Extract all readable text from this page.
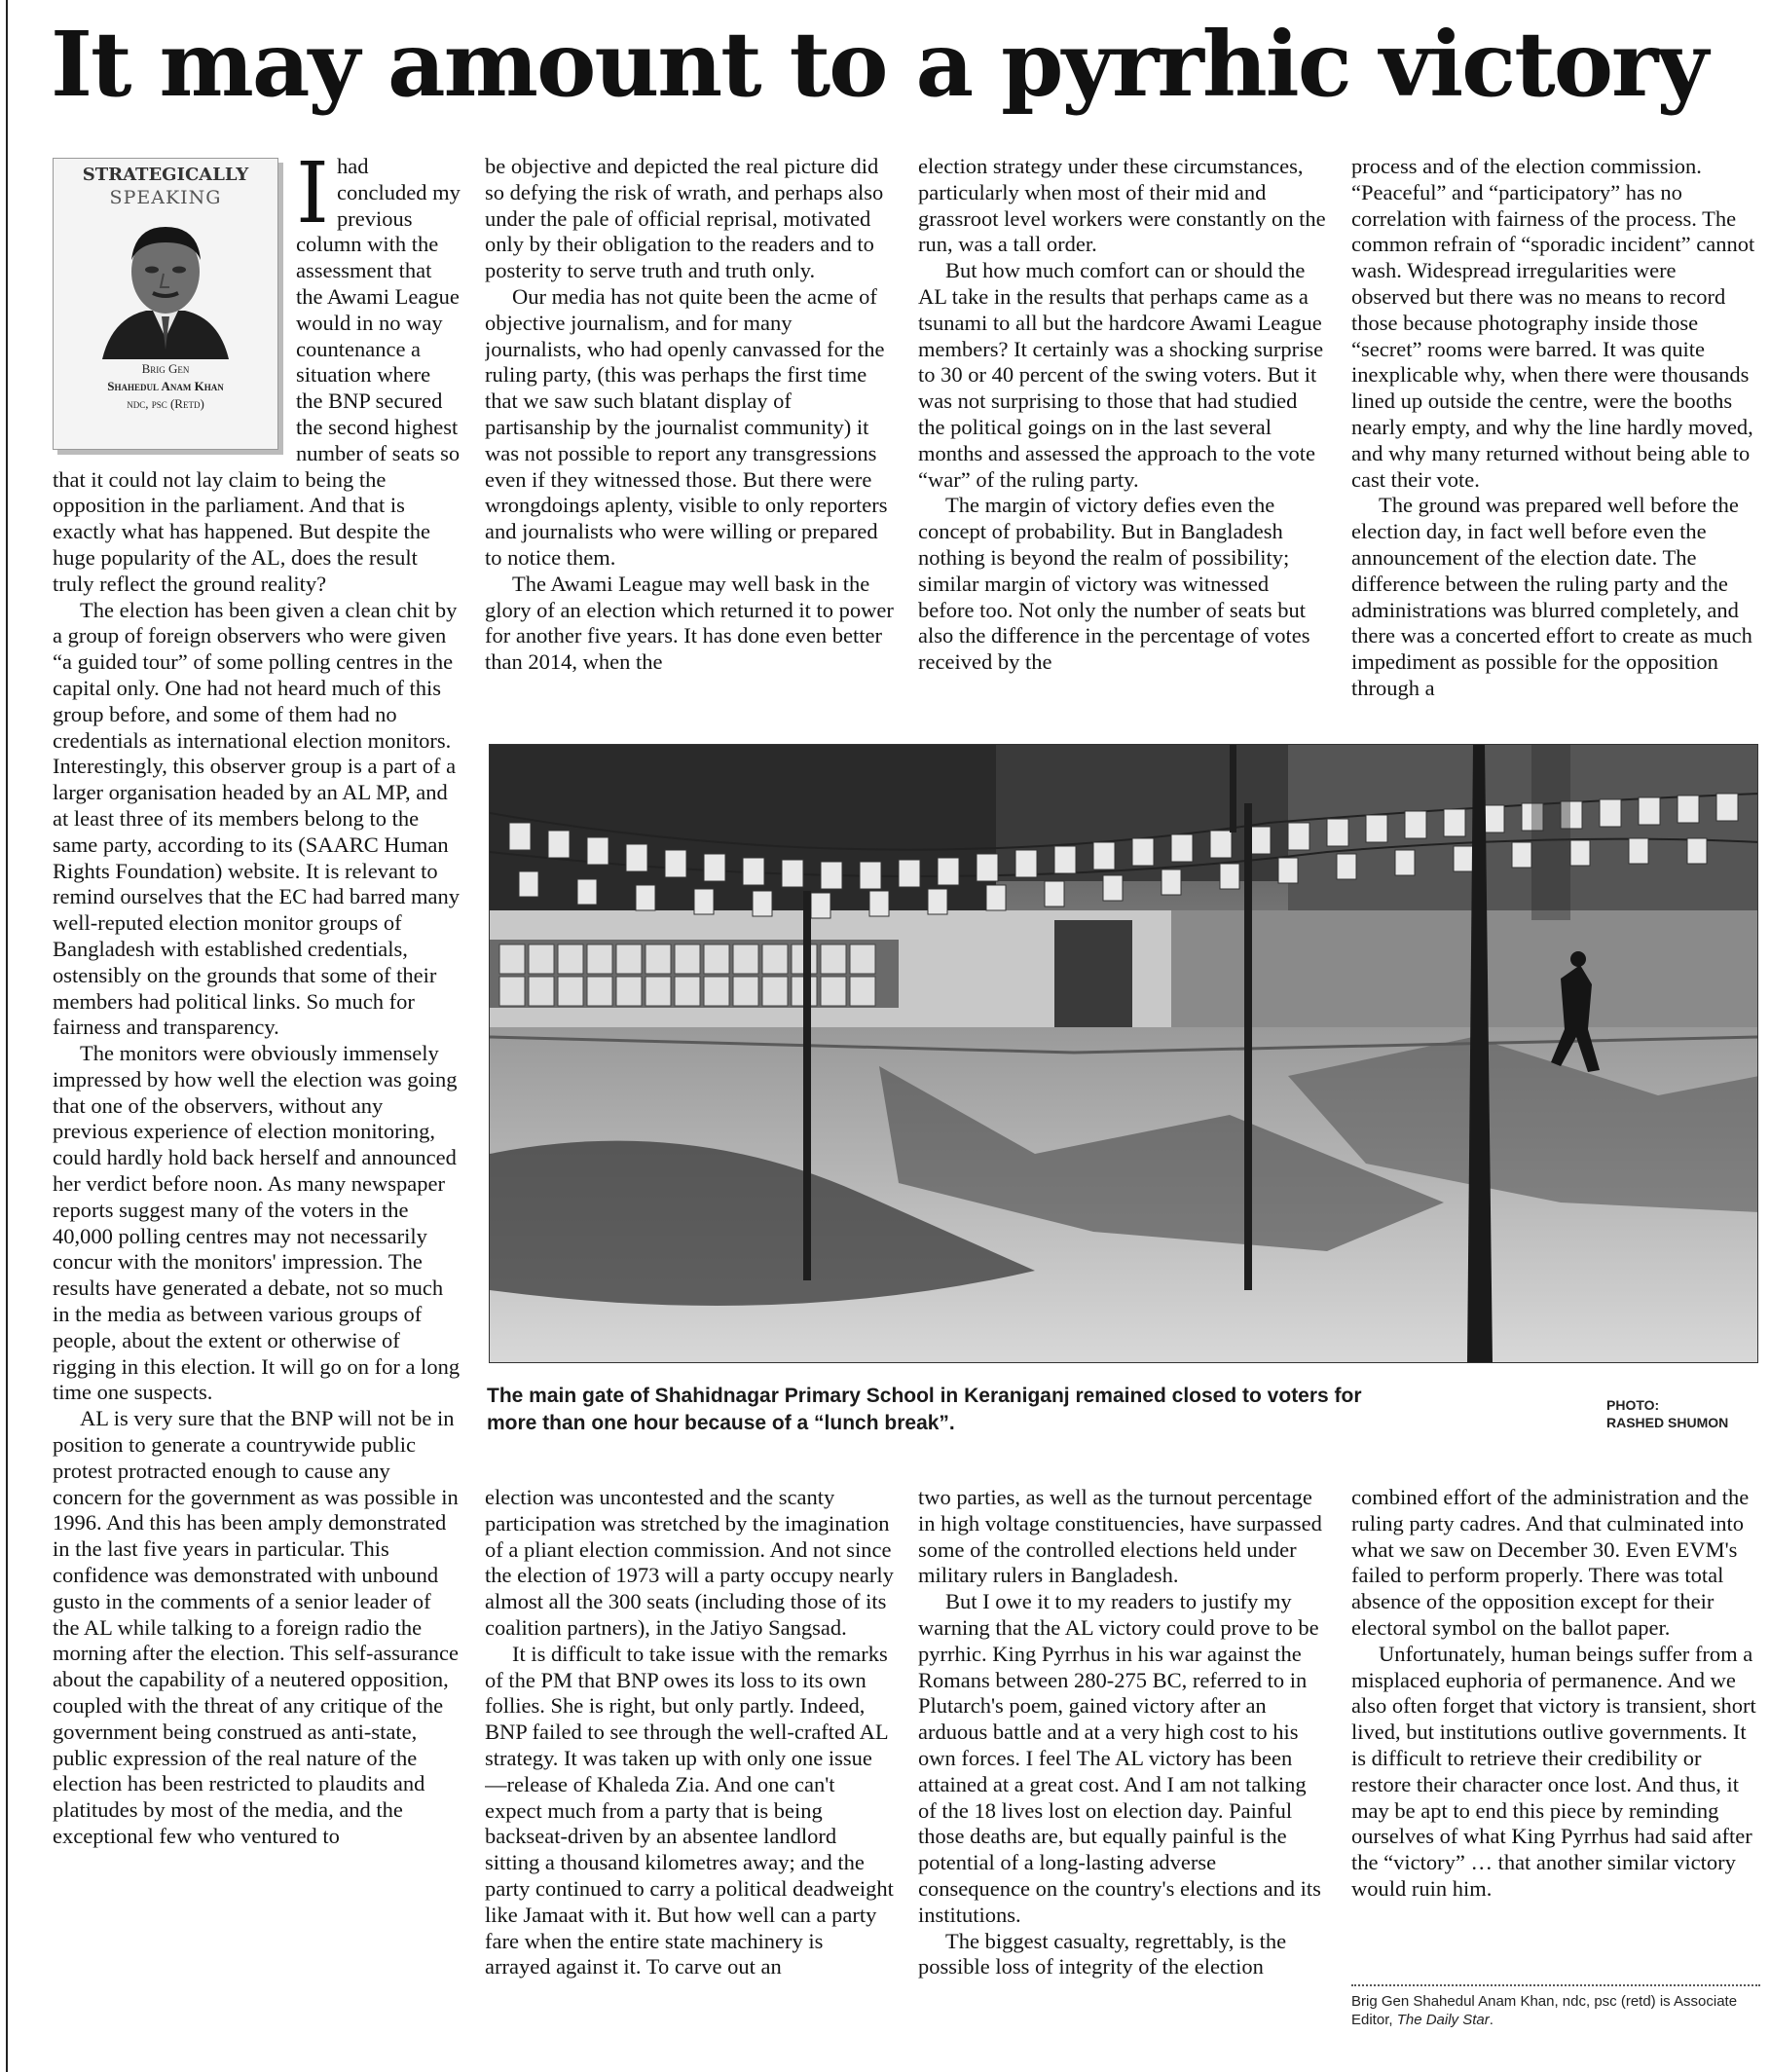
It may amount to a pyrrhic victory
STRATEGICALLY
SPEAKING
Brig Gen
Shahedul Anam Khan
ndc, psc (Retd)
I had concluded my previous column with the assessment that the Awami League would in no way countenance a situation where the BNP secured the second highest number of seats so that it could not lay claim to being the opposition in the parliament. And that is exactly what has happened. But despite the huge popularity of the AL, does the result truly reflect the ground reality?

The election has been given a clean chit by a group of foreign observers who were given “a guided tour” of some polling centres in the capital only. One had not heard much of this group before, and some of them had no credentials as international election monitors. Interestingly, this observer group is a part of a larger organisation headed by an AL MP, and at least three of its members belong to the same party, according to its (SAARC Human Rights Foundation) website. It is relevant to remind ourselves that the EC had barred many well-reputed election monitor groups of Bangladesh with established credentials, ostensibly on the grounds that some of their members had political links. So much for fairness and transparency.

The monitors were obviously immensely impressed by how well the election was going that one of the observers, without any previous experience of election monitoring, could hardly hold back herself and announced her verdict before noon. As many newspaper reports suggest many of the voters in the 40,000 polling centres may not necessarily concur with the monitors' impression. The results have generated a debate, not so much in the media as between various groups of people, about the extent or otherwise of rigging in this election. It will go on for a long time one suspects.

AL is very sure that the BNP will not be in position to generate a countrywide public protest protracted enough to cause any concern for the government as was possible in 1996. And this has been amply demonstrated in the last five years in particular. This confidence was demonstrated with unbound gusto in the comments of a senior leader of the AL while talking to a foreign radio the morning after the election. This self-assurance about the capability of a neutered opposition, coupled with the threat of any critique of the government being construed as anti-state, public expression of the real nature of the election has been restricted to plaudits and platitudes by most of the media, and the exceptional few who ventured to

be objective and depicted the real picture did so defying the risk of wrath, and perhaps also under the pale of official reprisal, motivated only by their obligation to the readers and to posterity to serve truth and truth only.

Our media has not quite been the acme of objective journalism, and for many journalists, who had openly canvassed for the ruling party, (this was perhaps the first time that we saw such blatant display of partisanship by the journalist community) it was not possible to report any transgressions even if they witnessed those. But there were wrongdoings aplenty, visible to only reporters and journalists who were willing or prepared to notice them.

The Awami League may well bask in the glory of an election which returned it to power for another five years. It has done even better than 2014, when the

election strategy under these circumstances, particularly when most of their mid and grassroot level workers were constantly on the run, was a tall order.

But how much comfort can or should the AL take in the results that perhaps came as a tsunami to all but the hardcore Awami League members? It certainly was a shocking surprise to 30 or 40 percent of the swing voters. But it was not surprising to those that had studied the political goings on in the last several months and assessed the approach to the vote “war” of the ruling party.

The margin of victory defies even the concept of probability. But in Bangladesh nothing is beyond the realm of possibility; similar margin of victory was witnessed before too. Not only the number of seats but also the difference in the percentage of votes received by the

process and of the election commission. “Peaceful” and “participatory” has no correlation with fairness of the process. The common refrain of “sporadic incident” cannot wash. Widespread irregularities were observed but there was no means to record those because photography inside those “secret” rooms were barred. It was quite inexplicable why, when there were thousands lined up outside the centre, were the booths nearly empty, and why the line hardly moved, and why many returned without being able to cast their vote.

The ground was prepared well before the election day, in fact well before even the announcement of the election date. The difference between the ruling party and the administrations was blurred completely, and there was a concerted effort to create as much impediment as possible for the opposition through a

The main gate of Shahidnagar Primary School in Keraniganj remained closed to voters for more than one hour because of a “lunch break”.
PHOTO:
RASHED SHUMON

election was uncontested and the scanty participation was stretched by the imagination of a pliant election commission. And not since the election of 1973 will a party occupy nearly almost all the 300 seats (including those of its coalition partners), in the Jatiyo Sangsad.

It is difficult to take issue with the remarks of the PM that BNP owes its loss to its own follies. She is right, but only partly. Indeed, BNP failed to see through the well-crafted AL strategy. It was taken up with only one issue—release of Khaleda Zia. And one can't expect much from a party that is being backseat-driven by an absentee landlord sitting a thousand kilometres away; and the party continued to carry a political deadweight like Jamaat with it. But how well can a party fare when the entire state machinery is arrayed against it. To carve out an

two parties, as well as the turnout percentage in high voltage constituencies, have surpassed some of the controlled elections held under military rulers in Bangladesh.

But I owe it to my readers to justify my warning that the AL victory could prove to be pyrrhic. King Pyrrhus in his war against the Romans between 280-275 BC, referred to in Plutarch's poem, gained victory after an arduous battle and at a very high cost to his own forces. I feel The AL victory has been attained at a great cost. And I am not talking of the 18 lives lost on election day. Painful those deaths are, but equally painful is the potential of a long-lasting adverse consequence on the country's elections and its institutions.

The biggest casualty, regrettably, is the possible loss of integrity of the election

combined effort of the administration and the ruling party cadres. And that culminated into what we saw on December 30. Even EVM's failed to perform properly. There was total absence of the opposition except for their electoral symbol on the ballot paper.

Unfortunately, human beings suffer from a misplaced euphoria of permanence. And we also often forget that victory is transient, short lived, but institutions outlive governments. It is difficult to retrieve their credibility or restore their character once lost. And thus, it may be apt to end this piece by reminding ourselves of what King Pyrrhus had said after the “victory” … that another similar victory would ruin him.

Brig Gen Shahedul Anam Khan, ndc, psc (retd) is Associate Editor, The Daily Star.
